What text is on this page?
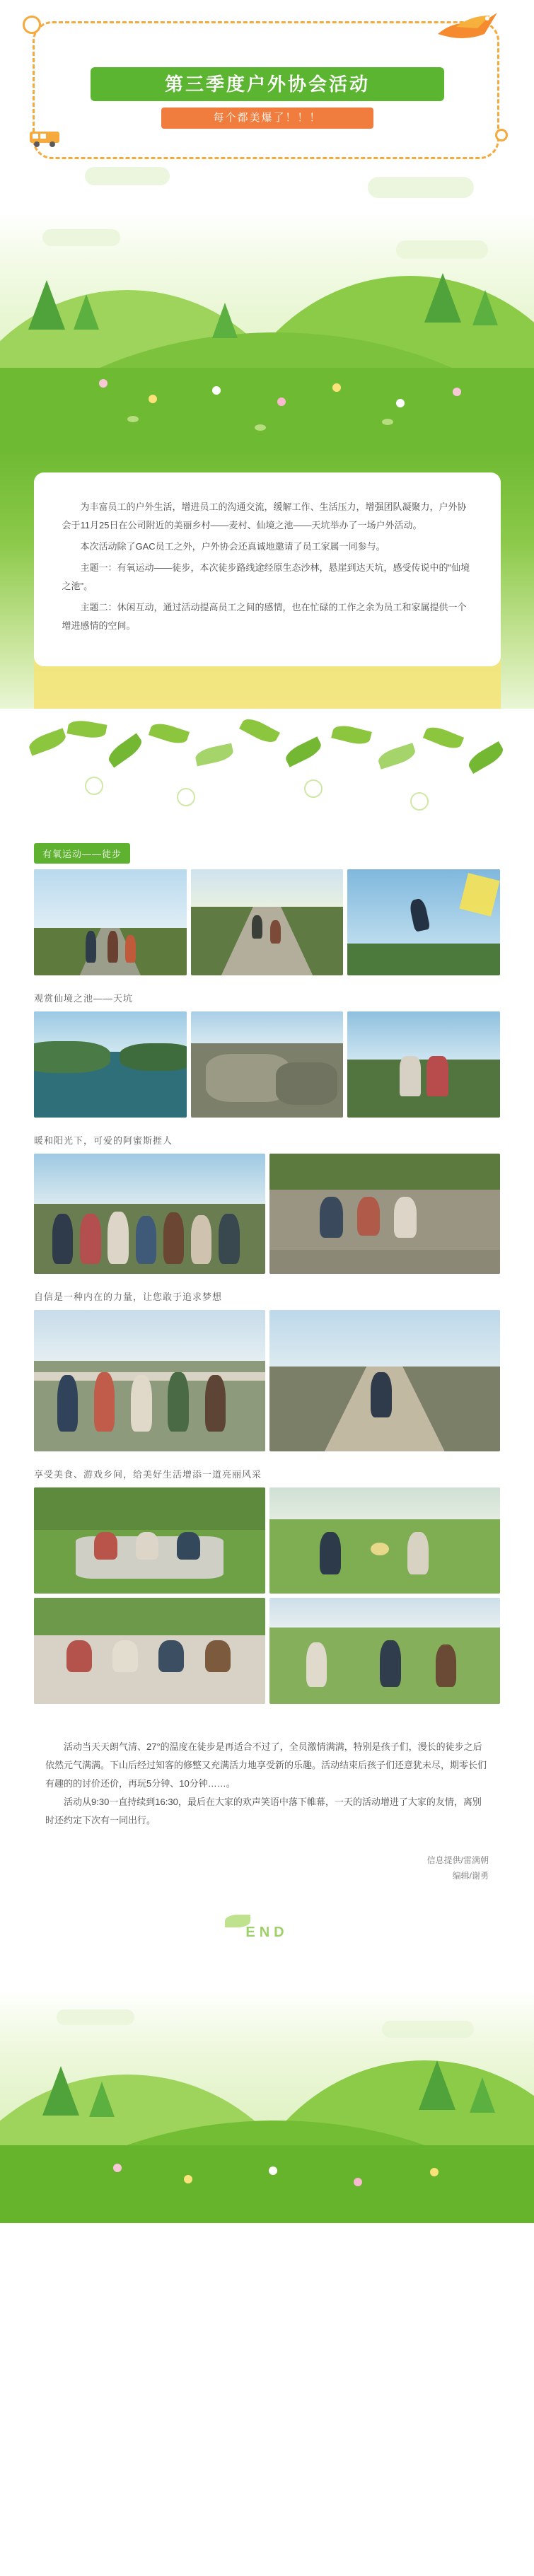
第三季度户外协会活动
每个都美爆了！！！

为丰富员工的户外生活，增进员工的沟通交流，缓解工作、生活压力，增强团队凝聚力，户外协会于11月25日在公司附近的美丽乡村——麦村、仙境之池——天坑举办了一场户外活动。

本次活动除了GAC员工之外，户外协会还真诚地邀请了员工家属一同参与。

主题一：有氧运动——徒步，本次徒步路线途经原生态沙林，悬崖到达天坑，感受传说中的"仙境之池"。

主题二：休闲互动，通过活动提高员工之间的感情，也在忙碌的工作之余为员工和家属提供一个增进感情的空间。

有氧运动——徒步
观赏仙境之池——天坑
暖和阳光下，可爱的阿蜜斯捱人
自信是一种内在的力量，让您敢于追求梦想
享受美食、游戏乡间，给美好生活增添一道亮丽风采

活动当天天朗气清、27°的温度在徒步是再适合不过了，全员激情满满，特别是孩子们，漫长的徒步之后依然元气满满。下山后经过知客的修整又充满活力地享受新的乐趣。活动结束后孩子们还意犹未尽，期零长们有趣的的讨价还价，再玩5分钟、10分钟……。

活动从9:30一直持续到16:30，最后在大家的欢声笑语中落下帷幕，一天的活动增进了大家的友情，离别时还约定下次有一同出行。

信息提供/雷满朝
编辑/谢勇
END
